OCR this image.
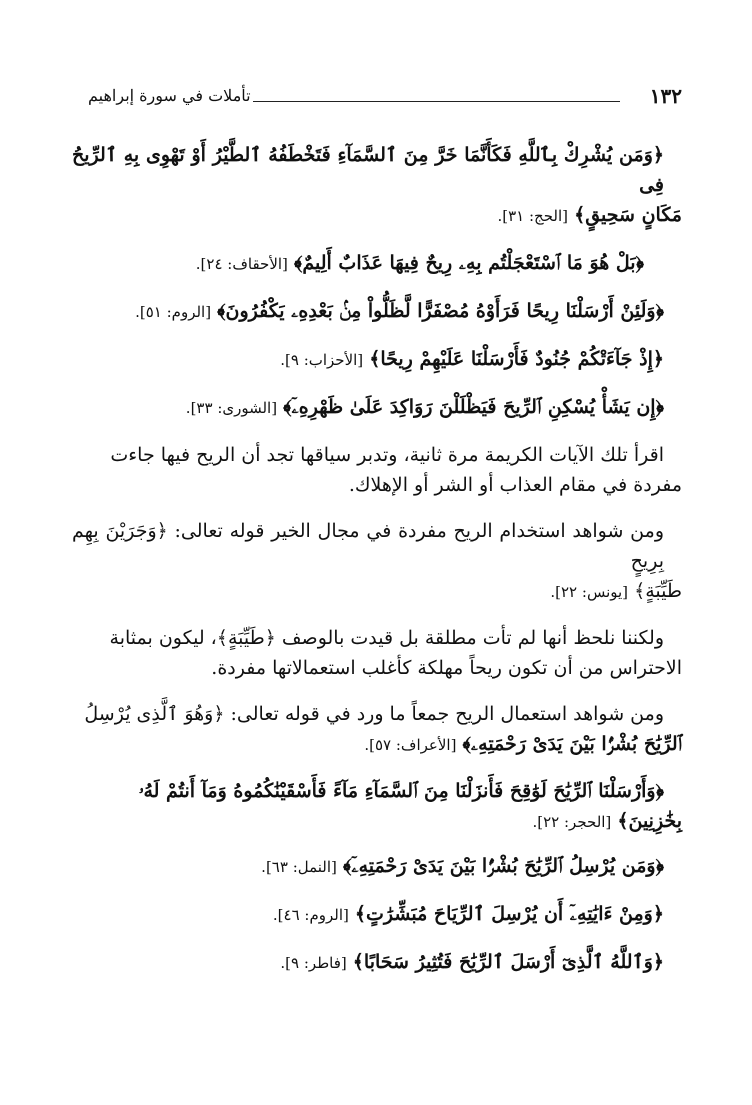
١٣٢
تأملات في سورة إبراهيم

﴿وَمَن يُشْرِكْ بِٱللَّهِ فَكَأَنَّمَا خَرَّ مِنَ ٱلسَّمَآءِ فَتَخْطَفُهُ ٱلطَّيْرُ أَوْ تَهْوِى بِهِ ٱلرِّيحُ فِى

مَكَانٍ سَحِيقٍ﴾ [الحج: ٣١].

﴿بَلْ هُوَ مَا ٱسْتَعْجَلْتُم بِهِۦ رِيحٌ فِيهَا عَذَابٌ أَلِيمٌ﴾ [الأحقاف: ٢٤].

﴿وَلَئِنْ أَرْسَلْنَا رِيحًا فَرَأَوْهُ مُصْفَرًّا لَّظَلُّواْ مِنۢ بَعْدِهِۦ يَكْفُرُونَ﴾ [الروم: ٥١].

﴿إِذْ جَآءَتْكُمْ جُنُودٌ فَأَرْسَلْنَا عَلَيْهِمْ رِيحًا﴾ [الأحزاب: ٩].

﴿إِن يَشَأْ يُسْكِنِ ٱلرِّيحَ فَيَظْلَلْنَ رَوَاكِدَ عَلَىٰ ظَهْرِهِۦٓ﴾ [الشورى: ٣٣].

اقرأ تلك الآيات الكريمة مرة ثانية، وتدبر سياقها تجد أن الريح فيها جاءت

مفردة في مقام العذاب أو الشر أو الإهلاك.

ومن شواهد استخدام الريح مفردة في مجال الخير قوله تعالى: ﴿وَجَرَيْنَ بِهِم بِرِيحٍ

طَيِّبَةٍ﴾ [يونس: ٢٢].

ولكننا نلحظ أنها لم تأت مطلقة بل قيدت بالوصف ﴿طَيِّبَةٍ﴾، ليكون بمثابة

الاحتراس من أن تكون ريحاً مهلكة كأغلب استعمالاتها مفردة.

ومن شواهد استعمال الريح جمعاً ما ورد في قوله تعالى: ﴿وَهُوَ ٱلَّذِى يُرْسِلُ

ٱلرِّيَٰحَ بُشْرًۢا بَيْنَ يَدَىْ رَحْمَتِهِۦ﴾ [الأعراف: ٥٧].

﴿وَأَرْسَلْنَا ٱلرِّيَٰحَ لَوَٰقِحَ فَأَنزَلْنَا مِنَ ٱلسَّمَآءِ مَآءً فَأَسْقَيْنَٰكُمُوهُ وَمَآ أَنتُمْ لَهُۥ

بِخَٰزِنِينَ﴾ [الحجر: ٢٢].

﴿وَمَن يُرْسِلُ ٱلرِّيَٰحَ بُشْرًۢا بَيْنَ يَدَىْ رَحْمَتِهِۦٓ﴾ [النمل: ٦٣].

﴿وَمِنْ ءَايَٰتِهِۦٓ أَن يُرْسِلَ ٱلرِّيَاحَ مُبَشِّرَٰتٍ﴾ [الروم: ٤٦].

﴿وَٱللَّهُ ٱلَّذِىٓ أَرْسَلَ ٱلرِّيَٰحَ فَتُثِيرُ سَحَابًا﴾ [فاطر: ٩].
